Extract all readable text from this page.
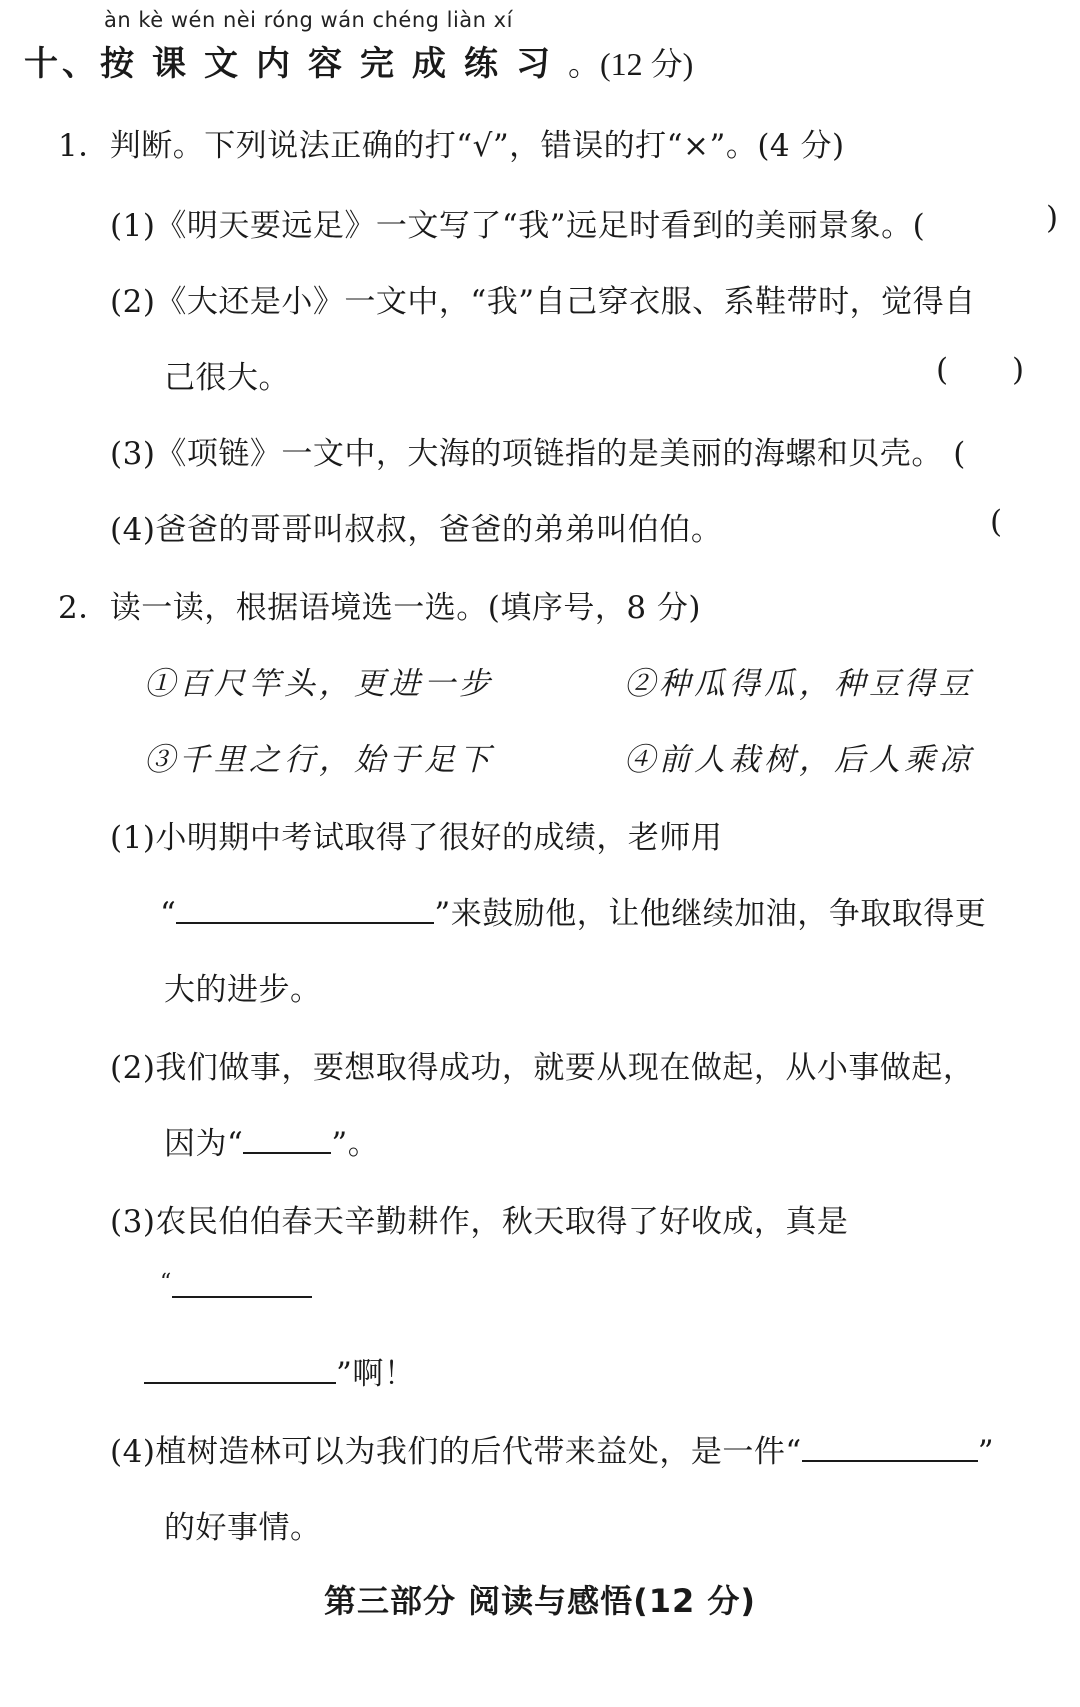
àn kè wén nèi róng wán chéng liàn xí
十、按课文内容完成练习。(12 分)
1．判断。下列说法正确的打“√”，错误的打“×”。(4 分)
(1)《明天要远足》一文写了“我”远足时看到的美丽景象。(	)
(2)《大还是小》一文中，“我”自己穿衣服、系鞋带时，觉得自
己很大。	( )
(3)《项链》一文中，大海的项链指的是美丽的海螺和贝壳。 (
(4)爸爸的哥哥叫叔叔，爸爸的弟弟叫伯伯。	(
2．读一读，根据语境选一选。(填序号，8 分)
①百尺竿头，更进一步	②种瓜得瓜，种豆得豆
③千里之行，始于足下	④前人栽树，后人乘凉
(1)小明期中考试取得了很好的成绩，老师用
“	”来鼓励他，让他继续加油，争取取得更
大的进步。
(2)我们做事，要想取得成功，就要从现在做起，从小事做起，
因为“	”。
(3)农民伯伯春天辛勤耕作，秋天取得了好收成，真是
“
”啊！
(4)植树造林可以为我们的后代带来益处，是一件“	”
的好事情。
第三部分 阅读与感悟(12 分)
